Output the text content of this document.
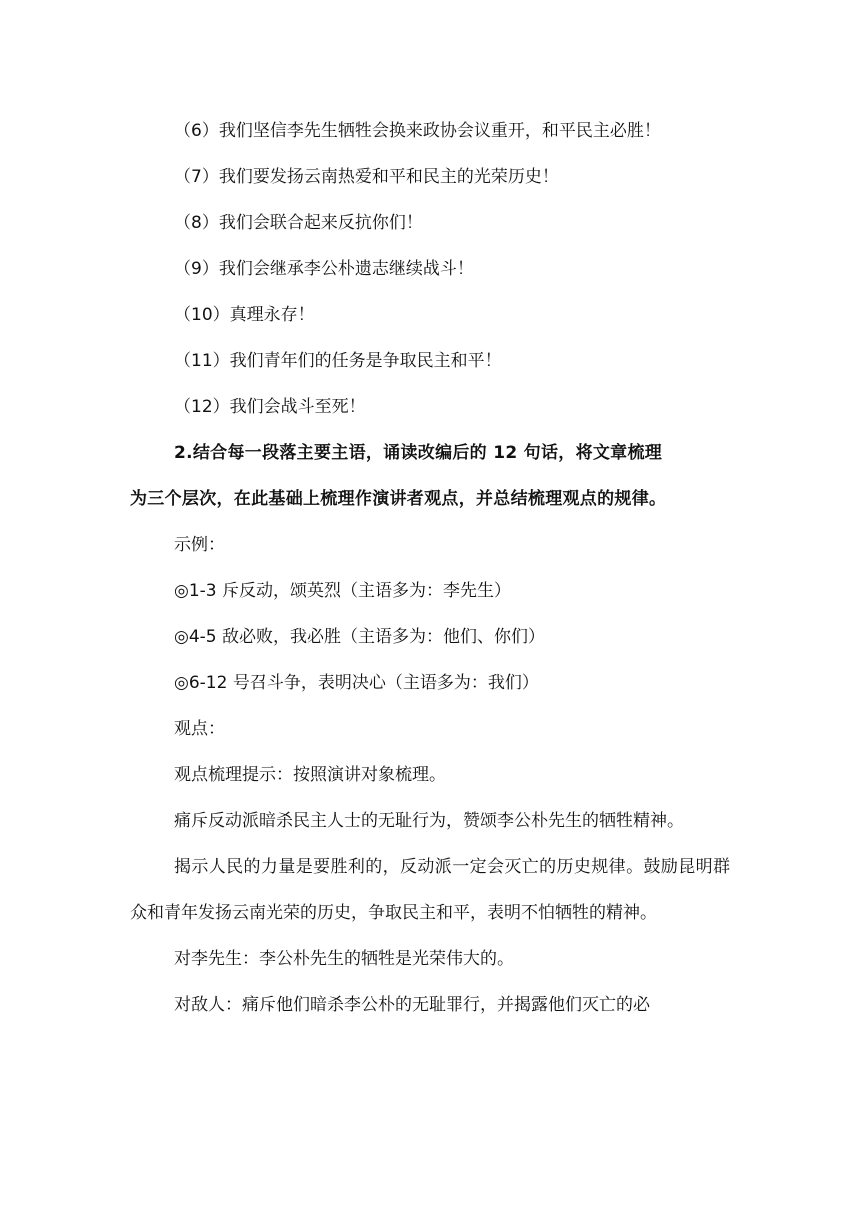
（6）我们坚信李先生牺牲会换来政协会议重开，和平民主必胜！
（7）我们要发扬云南热爱和平和民主的光荣历史！
（8）我们会联合起来反抗你们！
（9）我们会继承李公朴遗志继续战斗！
（10）真理永存！
（11）我们青年们的任务是争取民主和平！
（12）我们会战斗至死！
2.结合每一段落主要主语，诵读改编后的 12 句话，将文章梳理
为三个层次，在此基础上梳理作演讲者观点，并总结梳理观点的规律。
示例：
◎1-3 斥反动，颂英烈（主语多为：李先生）
◎4-5 敌必败，我必胜（主语多为：他们、你们）
◎6-12 号召斗争，表明决心（主语多为：我们）
观点：
观点梳理提示：按照演讲对象梳理。
痛斥反动派暗杀民主人士的无耻行为，赞颂李公朴先生的牺牲精神。
揭示人民的力量是要胜利的，反动派一定会灭亡的历史规律。鼓励昆明群众和青年发扬云南光荣的历史，争取民主和平，表明不怕牺牲的精神。
对李先生：李公朴先生的牺牲是光荣伟大的。
对敌人：痛斥他们暗杀李公朴的无耻罪行，并揭露他们灭亡的必
